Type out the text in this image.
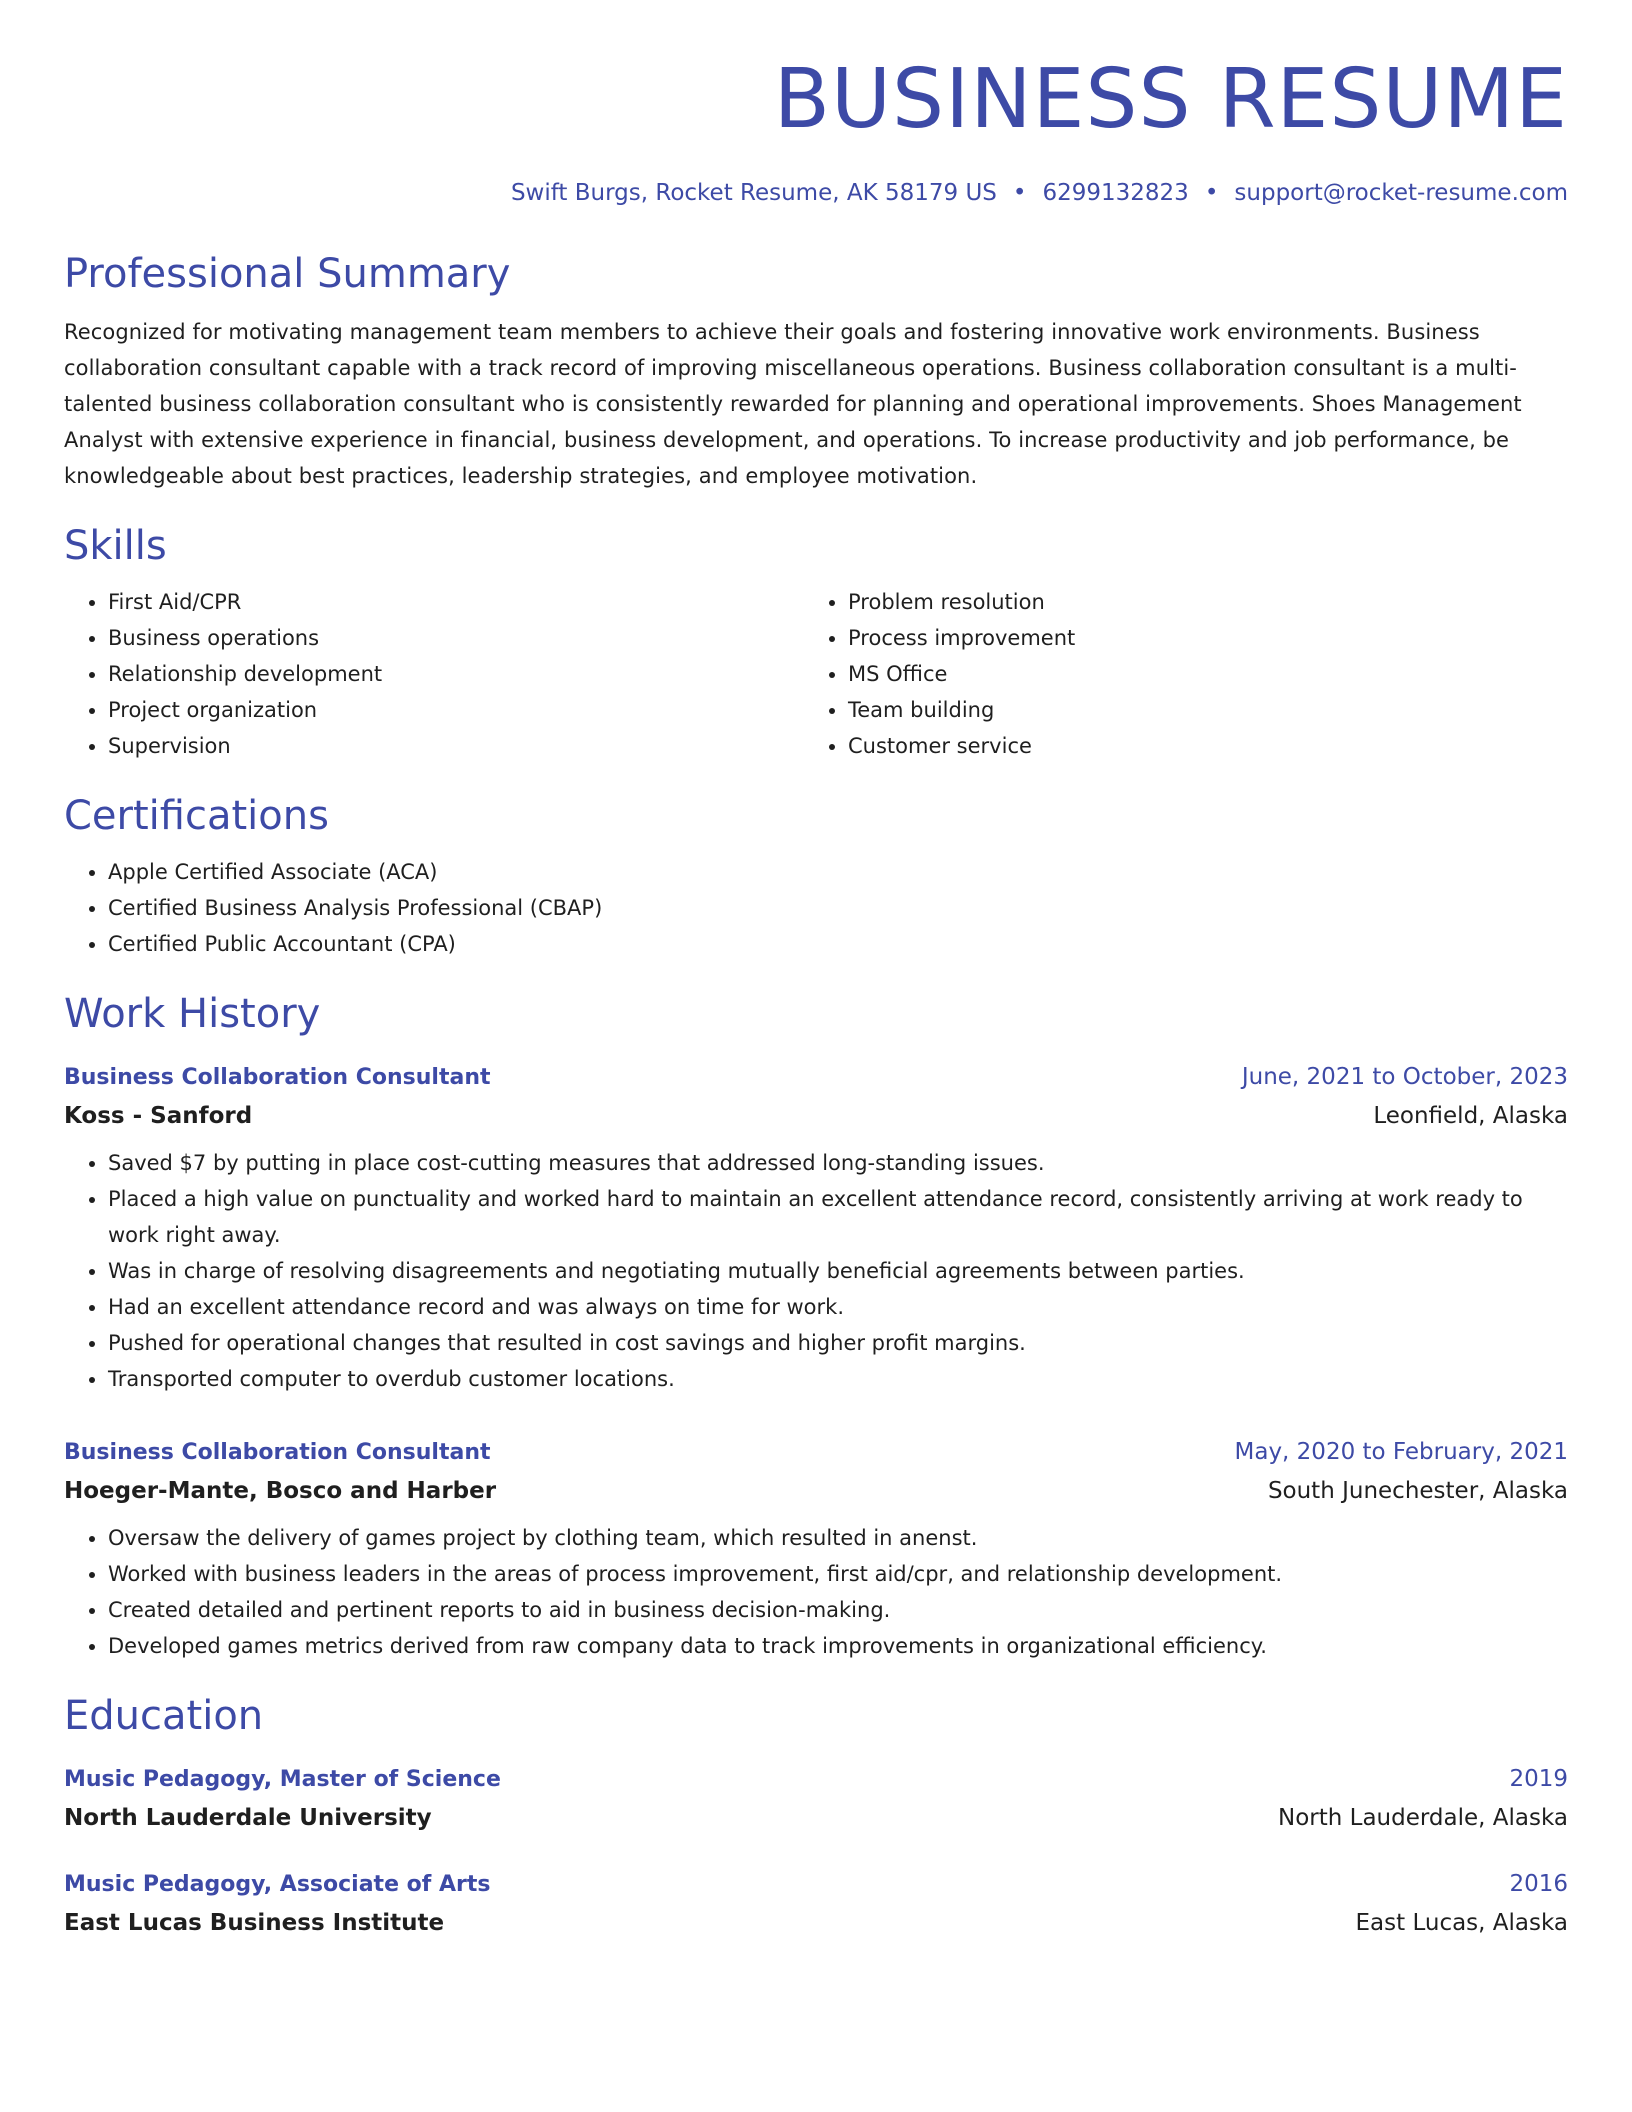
BUSINESS RESUME
Swift Burgs, Rocket Resume, AK 58179 US • 6299132823 • support@rocket-resume.com
Professional Summary

Recognized for motivating management team members to achieve their goals and fostering innovative work environments. Business collaboration consultant capable with a track record of improving miscellaneous operations. Business collaboration consultant is a multi-talented business collaboration consultant who is consistently rewarded for planning and operational improvements. Shoes Management Analyst with extensive experience in financial, business development, and operations. To increase productivity and job performance, be knowledgeable about best practices, leadership strategies, and employee motivation.

Skills
• First Aid/CPR
• Business operations
• Relationship development
• Project organization
• Supervision
• Problem resolution
• Process improvement
• MS Office
• Team building
• Customer service
Certifications
• Apple Certified Associate (ACA)
• Certified Business Analysis Professional (CBAP)
• Certified Public Accountant (CPA)
Work History
Business Collaboration Consultant	June, 2021 to October, 2023
Koss - Sanford	Leonfield, Alaska
• Saved $7 by putting in place cost-cutting measures that addressed long-standing issues.
• Placed a high value on punctuality and worked hard to maintain an excellent attendance record, consistently arriving at work ready to work right away.
• Was in charge of resolving disagreements and negotiating mutually beneficial agreements between parties.
• Had an excellent attendance record and was always on time for work.
• Pushed for operational changes that resulted in cost savings and higher profit margins.
• Transported computer to overdub customer locations.
Business Collaboration Consultant	May, 2020 to February, 2021
Hoeger-Mante, Bosco and Harber	South Junechester, Alaska
• Oversaw the delivery of games project by clothing team, which resulted in anenst.
• Worked with business leaders in the areas of process improvement, first aid/cpr, and relationship development.
• Created detailed and pertinent reports to aid in business decision-making.
• Developed games metrics derived from raw company data to track improvements in organizational efficiency.
Education
Music Pedagogy, Master of Science	2019
North Lauderdale University	North Lauderdale, Alaska
Music Pedagogy, Associate of Arts	2016
East Lucas Business Institute	East Lucas, Alaska
